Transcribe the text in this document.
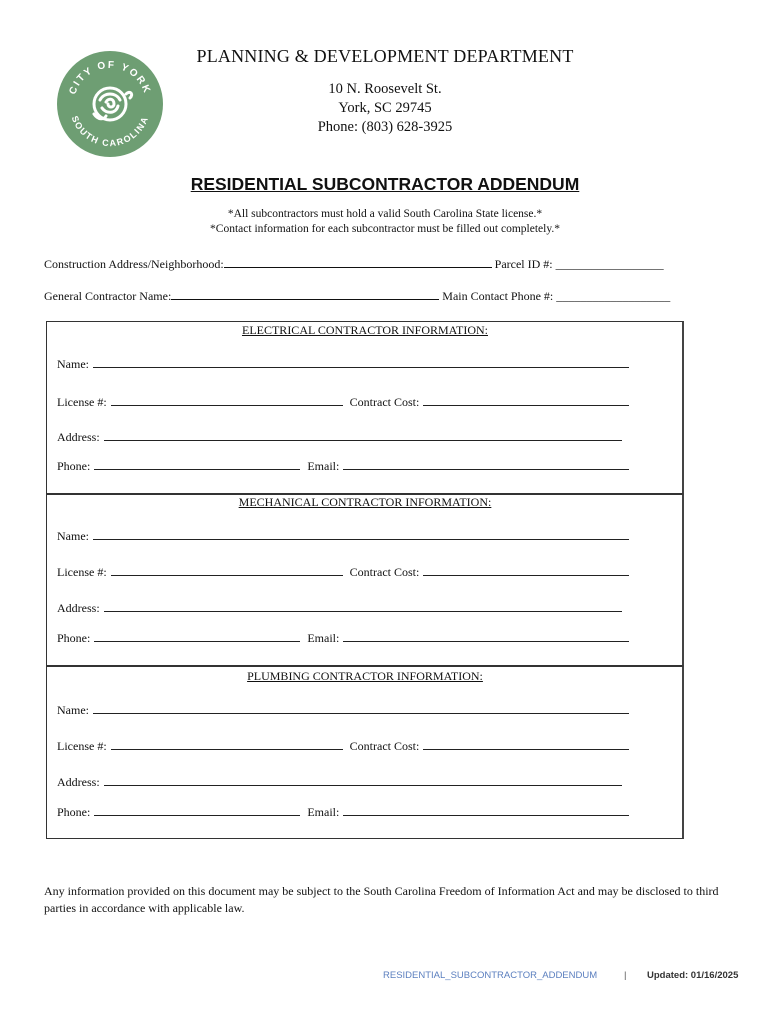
CITY OF YORK
SOUTH CAROLINA
PLANNING & DEVELOPMENT DEPARTMENT
10 N. Roosevelt St.
York, SC 29745
Phone: (803) 628-3925
RESIDENTIAL SUBCONTRACTOR ADDENDUM
*All subcontractors must hold a valid South Carolina State license.*
*Contact information for each subcontractor must be filled out completely.*
Construction Address/Neighborhood:	Parcel ID #: __________________
General Contractor Name:	Main Contact Phone #: ___________________
ELECTRICAL CONTRACTOR INFORMATION:
Name:
License #:	Contract Cost:
Address:
Phone:	Email:
MECHANICAL CONTRACTOR INFORMATION:
Name:
License #:	Contract Cost:
Address:
Phone:	Email:
PLUMBING CONTRACTOR INFORMATION:
Name:
License #:	Contract Cost:
Address:
Phone:	Email:
Any information provided on this document may be subject to the South Carolina Freedom of Information Act and may be disclosed to third parties in accordance with applicable law.
RESIDENTIAL_SUBCONTRACTOR_ADDENDUM	| Updated: 01/16/2025
